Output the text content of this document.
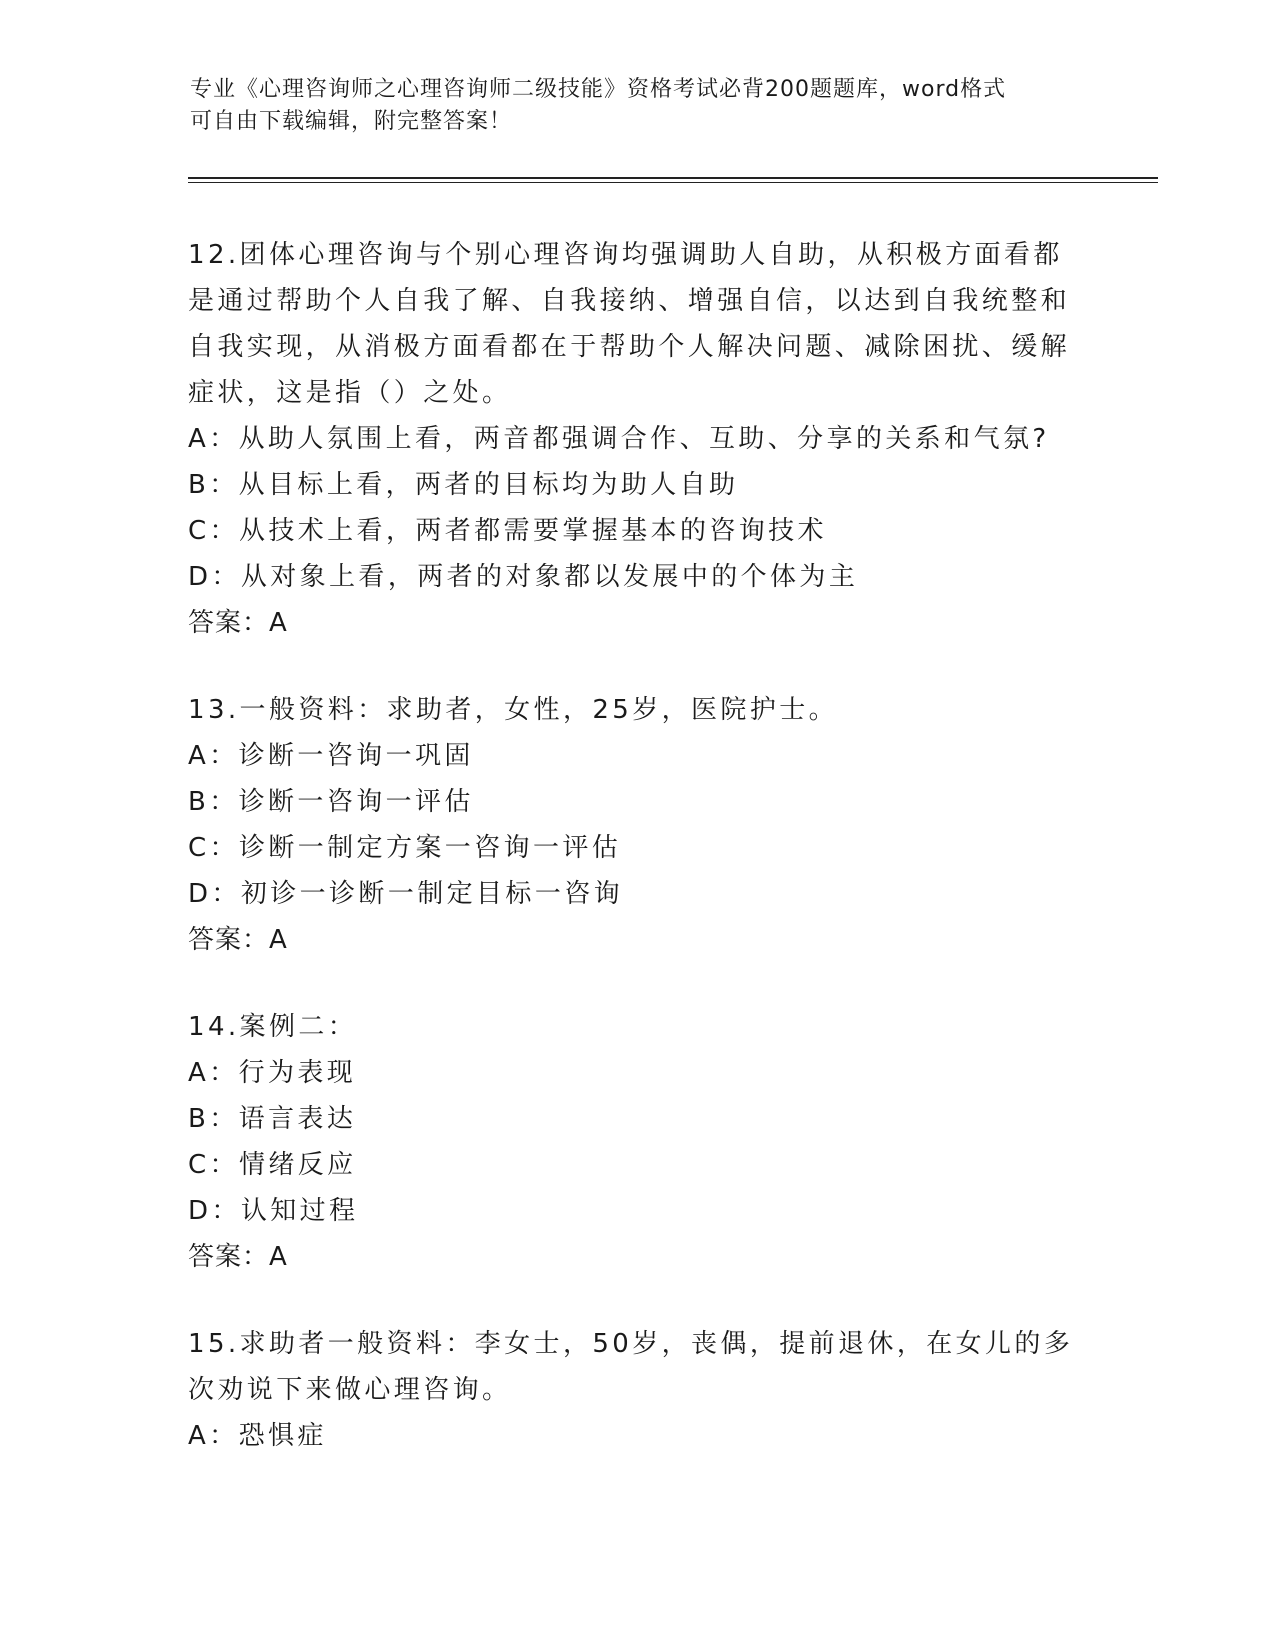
专业《心理咨询师之心理咨询师二级技能》资格考试必背200题题库，word格式
可自由下载编辑，附完整答案！
12.团体心理咨询与个别心理咨询均强调助人自助，从积极方面看都是通过帮助个人自我了解、自我接纳、增强自信，以达到自我统整和自我实现，从消极方面看都在于帮助个人解决问题、减除困扰、缓解症状，这是指（）之处。
A：从助人氛围上看，两音都强调合作、互助、分享的关系和气氛?
B：从目标上看，两者的目标均为助人自助
C：从技术上看，两者都需要掌握基本的咨询技术
D：从对象上看，两者的对象都以发展中的个体为主
答案：A
13.一般资料：求助者，女性，25岁，医院护士。
A：诊断一咨询一巩固
B：诊断一咨询一评估
C：诊断一制定方案一咨询一评估
D：初诊一诊断一制定目标一咨询
答案：A
14.案例二：
A：行为表现
B：语言表达
C：情绪反应
D：认知过程
答案：A
15.求助者一般资料：李女士，50岁，丧偶，提前退休，在女儿的多次劝说下来做心理咨询。
A：恐惧症
